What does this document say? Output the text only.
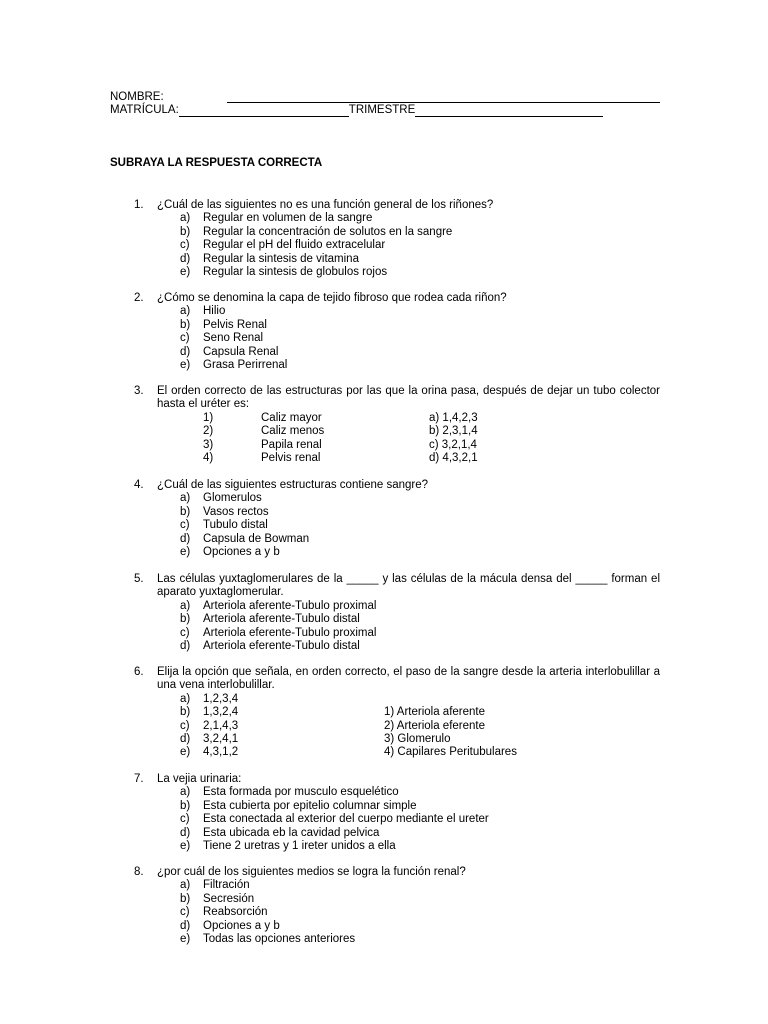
NOMBRE:
MATRÍCULA:	TRIMESTRE
SUBRAYA LA RESPUESTA CORRECTA
1. ¿Cuál de las siguientes no es una función general de los riñones?
a) Regular en volumen de la sangre
b) Regular la concentración de solutos en la sangre
c) Regular el pH del fluido extracelular
d) Regular la sintesis de vitamina
e) Regular la sintesis de globulos rojos
2. ¿Cómo se denomina la capa de tejido fibroso que rodea cada riñon?
a) Hilio
b) Pelvis Renal
c) Seno Renal
d) Capsula Renal
e) Grasa Perirrenal
3. El orden correcto de las estructuras por las que la orina pasa, después de dejar un tubo colector hasta el uréter es:
1)	Caliz mayor	a) 1,4,2,3
2)	Caliz menos	b) 2,3,1,4
3)	Papila renal	c) 3,2,1,4
4)	Pelvis renal	d) 4,3,2,1
4. ¿Cuál de las siguientes estructuras contiene sangre?
a) Glomerulos
b) Vasos rectos
c) Tubulo distal
d) Capsula de Bowman
e) Opciones a y b
5. Las células yuxtaglomerulares de la _____ y las células de la mácula densa del _____ forman el aparato yuxtaglomerular.
a) Arteriola aferente-Tubulo proximal
b) Arteriola aferente-Tubulo distal
c) Arteriola eferente-Tubulo proximal
d) Arteriola eferente-Tubulo distal
6. Elija la opción que señala, en orden correcto, el paso de la sangre desde la arteria interlobulillar a una vena interlobulillar.
a) 1,2,3,4
b) 1,3,2,4	1) Arteriola aferente
c) 2,1,4,3	2) Arteriola eferente
d) 3,2,4,1	3) Glomerulo
e) 4,3,1,2	4) Capilares Peritubulares
7. La vejia urinaria:
a) Esta formada por musculo esquelético
b) Esta cubierta por epitelio columnar simple
c) Esta conectada al exterior del cuerpo mediante el ureter
d) Esta ubicada eb la cavidad pelvica
e) Tiene 2 uretras y 1 ireter unidos a ella
8. ¿por cuál de los siguientes medios se logra la función renal?
a) Filtración
b) Secresión
c) Reabsorción
d) Opciones a y b
e) Todas las opciones anteriores
